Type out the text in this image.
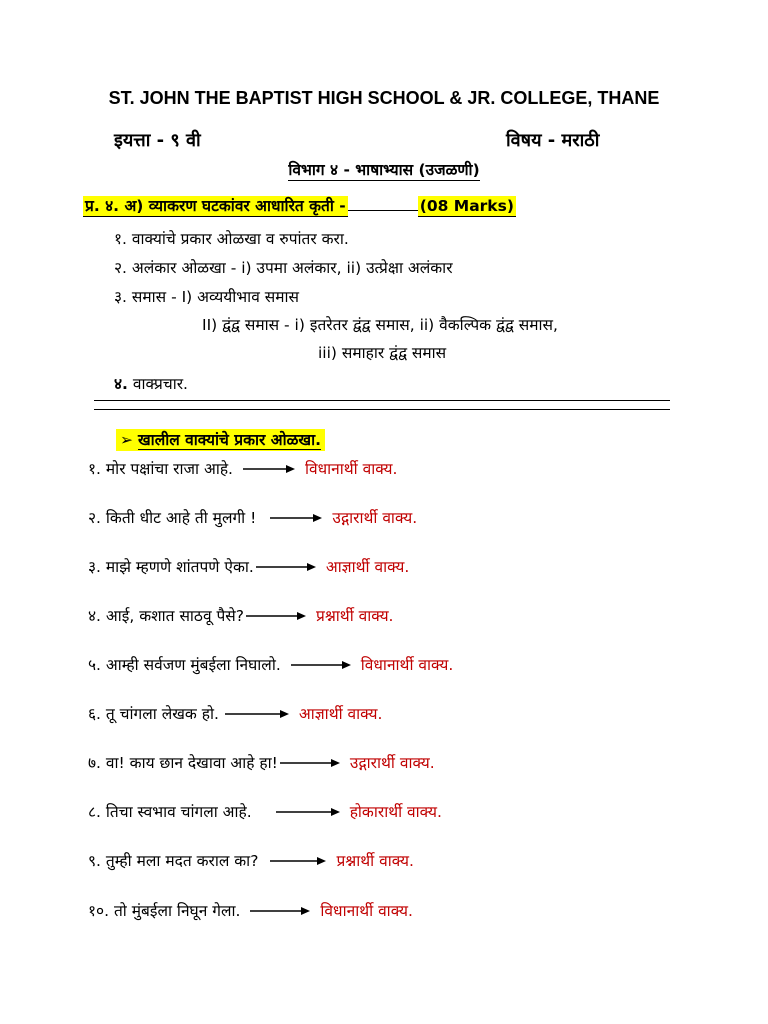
ST. JOHN THE BAPTIST HIGH SCHOOL & JR. COLLEGE, THANE
इयत्ता - ९ वी	विषय - मराठी
विभाग ४ - भाषाभ्यास (उजळणी)
प्र. ४. अ) व्याकरण घटकांवर आधारित कृती -	(08 Marks)
१. वाक्यांचे प्रकार ओळखा व रुपांतर करा.
२. अलंकार ओळखा - i) उपमा अलंकार, ii) उत्प्रेक्षा अलंकार
३. समास - I) अव्ययीभाव समास
II) द्वंद्व समास - i) इतरेतर द्वंद्व समास, ii) वैकल्पिक द्वंद्व समास,
iii) समाहार द्वंद्व समास
४. वाक्प्रचार.
➢ खालील वाक्यांचे प्रकार ओळखा.
१. मोर पक्षांचा राजा आहे.	विधानार्थी वाक्य.
२. किती धीट आहे ती मुलगी !	उद्गारार्थी वाक्य.
३. माझे म्हणणे शांतपणे ऐका.	आज्ञार्थी वाक्य.
४. आई, कशात साठवू पैसे?	प्रश्नार्थी वाक्य.
५. आम्ही सर्वजण मुंबईला निघालो.	विधानार्थी वाक्य.
६. तू चांगला लेखक हो.	आज्ञार्थी वाक्य.
७. वा! काय छान देखावा आहे हा!	उद्गारार्थी वाक्य.
८. तिचा स्वभाव चांगला आहे.	होकारार्थी वाक्य.
९. तुम्ही मला मदत कराल का?	प्रश्नार्थी वाक्य.
१०. तो मुंबईला निघून गेला.	विधानार्थी वाक्य.
